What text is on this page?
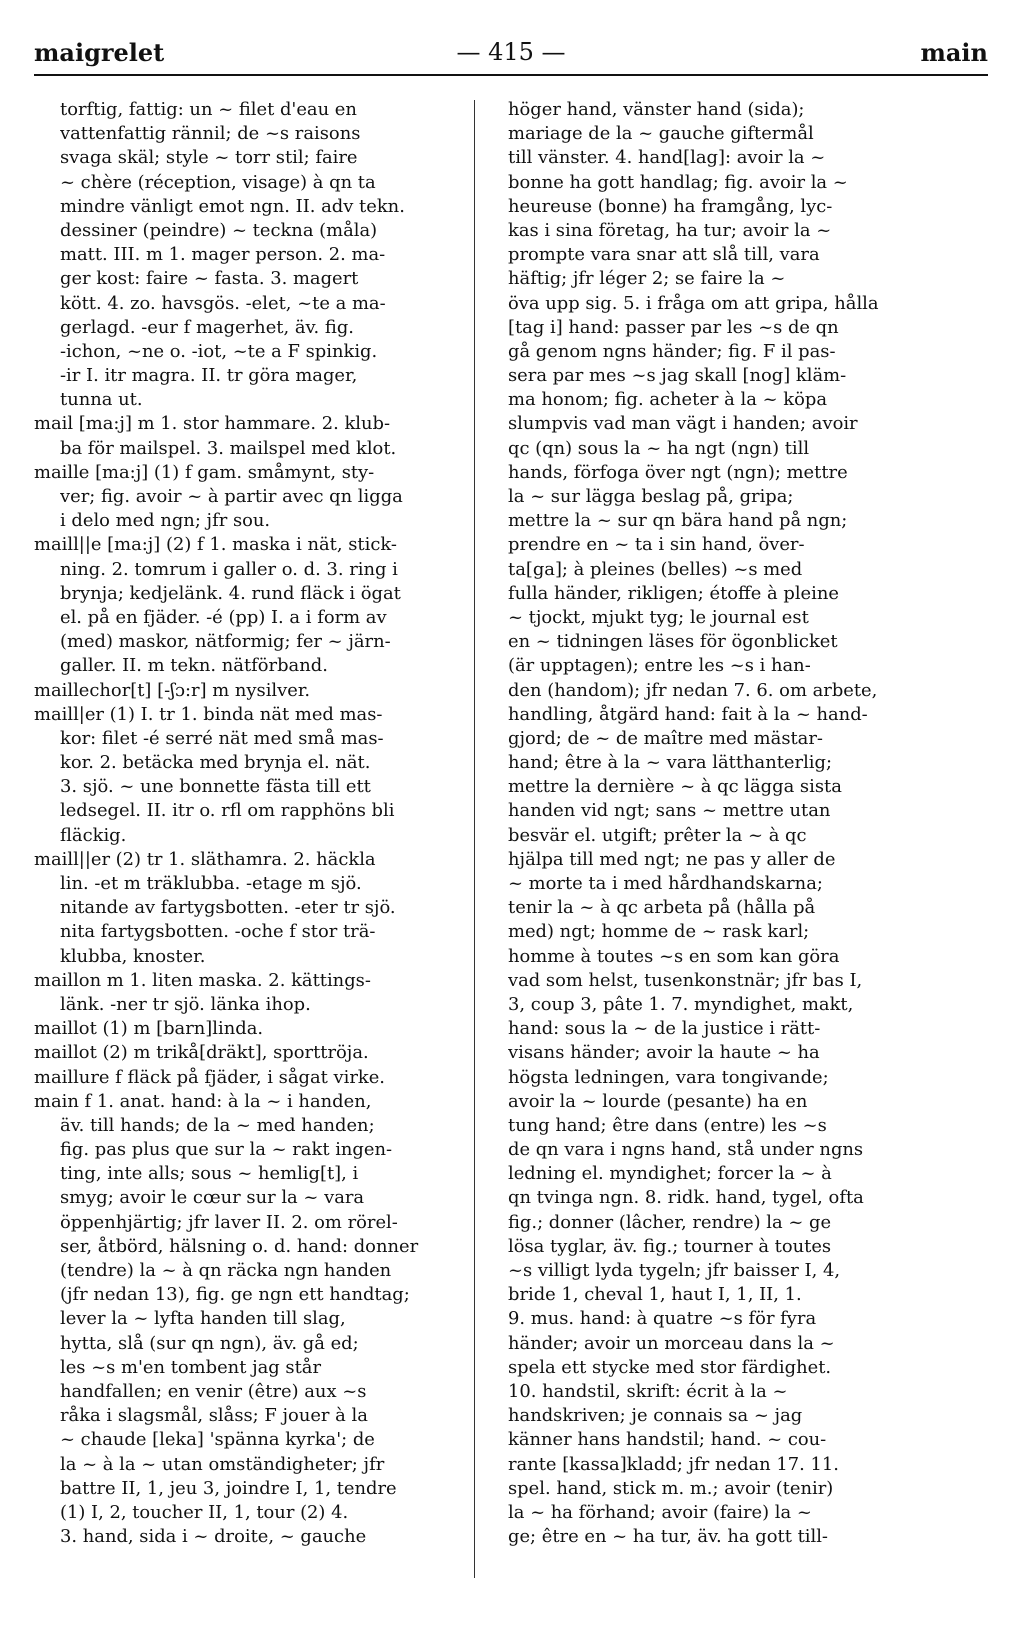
maigrelet	— 415 —	main
torftig, fattig: un ~ filet d'eau en
vattenfattig rännil; de ~s raisons
svaga skäl; style ~ torr stil; faire
~ chère (réception, visage) à qn ta
mindre vänligt emot ngn. II. adv tekn.
dessiner (peindre) ~ teckna (måla)
matt. III. m 1. mager person. 2. ma-
ger kost: faire ~ fasta. 3. magert
kött. 4. zo. havsgös. -elet, ~te a ma-
gerlagd. -eur f magerhet, äv. fig.
-ichon, ~ne o. -iot, ~te a F spinkig.
-ir I. itr magra. II. tr göra mager,
tunna ut.
mail [ma:j] m 1. stor hammare. 2. klub-
ba för mailspel. 3. mailspel med klot.
maille [ma:j] (1) f gam. småmynt, sty-
ver; fig. avoir ~ à partir avec qn ligga
i delo med ngn; jfr sou.
maill||e [ma:j] (2) f 1. maska i nät, stick-
ning. 2. tomrum i galler o. d. 3. ring i
brynja; kedjelänk. 4. rund fläck i ögat
el. på en fjäder. -é (pp) I. a i form av
(med) maskor, nätformig; fer ~ järn-
galler. II. m tekn. nätförband.
maillechor[t] [-ʃɔ:r] m nysilver.
maill|er (1) I. tr 1. binda nät med mas-
kor: filet -é serré nät med små mas-
kor. 2. betäcka med brynja el. nät.
3. sjö. ~ une bonnette fästa till ett
ledsegel. II. itr o. rfl om rapphöns bli
fläckig.
maill||er (2) tr 1. släthamra. 2. häckla
lin. -et m träklubba. -etage m sjö.
nitande av fartygsbotten. -eter tr sjö.
nita fartygsbotten. -oche f stor trä-
klubba, knoster.
maillon m 1. liten maska. 2. kättings-
länk. -ner tr sjö. länka ihop.
maillot (1) m [barn]linda.
maillot (2) m trikå[dräkt], sporttröja.
maillure f fläck på fjäder, i sågat virke.
main f 1. anat. hand: à la ~ i handen,
äv. till hands; de la ~ med handen;
fig. pas plus que sur la ~ rakt ingen-
ting, inte alls; sous ~ hemlig[t], i
smyg; avoir le cœur sur la ~ vara
öppenhjärtig; jfr laver II. 2. om rörel-
ser, åtbörd, hälsning o. d. hand: donner
(tendre) la ~ à qn räcka ngn handen
(jfr nedan 13), fig. ge ngn ett handtag;
lever la ~ lyfta handen till slag,
hytta, slå (sur qn ngn), äv. gå ed;
les ~s m'en tombent jag står
handfallen; en venir (être) aux ~s
råka i slagsmål, slåss; F jouer à la
~ chaude [leka] 'spänna kyrka'; de
la ~ à la ~ utan omständigheter; jfr
battre II, 1, jeu 3, joindre I, 1, tendre
(1) I, 2, toucher II, 1, tour (2) 4.
3. hand, sida i ~ droite, ~ gauche
höger hand, vänster hand (sida);
mariage de la ~ gauche giftermål
till vänster. 4. hand[lag]: avoir la ~
bonne ha gott handlag; fig. avoir la ~
heureuse (bonne) ha framgång, lyc-
kas i sina företag, ha tur; avoir la ~
prompte vara snar att slå till, vara
häftig; jfr léger 2; se faire la ~
öva upp sig. 5. i fråga om att gripa, hålla
[tag i] hand: passer par les ~s de qn
gå genom ngns händer; fig. F il pas-
sera par mes ~s jag skall [nog] kläm-
ma honom; fig. acheter à la ~ köpa
slumpvis vad man vägt i handen; avoir
qc (qn) sous la ~ ha ngt (ngn) till
hands, förfoga över ngt (ngn); mettre
la ~ sur lägga beslag på, gripa;
mettre la ~ sur qn bära hand på ngn;
prendre en ~ ta i sin hand, över-
ta[ga]; à pleines (belles) ~s med
fulla händer, rikligen; étoffe à pleine
~ tjockt, mjukt tyg; le journal est
en ~ tidningen läses för ögonblicket
(är upptagen); entre les ~s i han-
den (handom); jfr nedan 7. 6. om arbete,
handling, åtgärd hand: fait à la ~ hand-
gjord; de ~ de maître med mästar-
hand; être à la ~ vara lätthanterlig;
mettre la dernière ~ à qc lägga sista
handen vid ngt; sans ~ mettre utan
besvär el. utgift; prêter la ~ à qc
hjälpa till med ngt; ne pas y aller de
~ morte ta i med hårdhandskarna;
tenir la ~ à qc arbeta på (hålla på
med) ngt; homme de ~ rask karl;
homme à toutes ~s en som kan göra
vad som helst, tusenkonstnär; jfr bas I,
3, coup 3, pâte 1. 7. myndighet, makt,
hand: sous la ~ de la justice i rätt-
visans händer; avoir la haute ~ ha
högsta ledningen, vara tongivande;
avoir la ~ lourde (pesante) ha en
tung hand; être dans (entre) les ~s
de qn vara i ngns hand, stå under ngns
ledning el. myndighet; forcer la ~ à
qn tvinga ngn. 8. ridk. hand, tygel, ofta
fig.; donner (lâcher, rendre) la ~ ge
lösa tyglar, äv. fig.; tourner à toutes
~s villigt lyda tygeln; jfr baisser I, 4,
bride 1, cheval 1, haut I, 1, II, 1.
9. mus. hand: à quatre ~s för fyra
händer; avoir un morceau dans la ~
spela ett stycke med stor färdighet.
10. handstil, skrift: écrit à la ~
handskriven; je connais sa ~ jag
känner hans handstil; hand. ~ cou-
rante [kassa]kladd; jfr nedan 17. 11.
spel. hand, stick m. m.; avoir (tenir)
la ~ ha förhand; avoir (faire) la ~
ge; être en ~ ha tur, äv. ha gott till-
